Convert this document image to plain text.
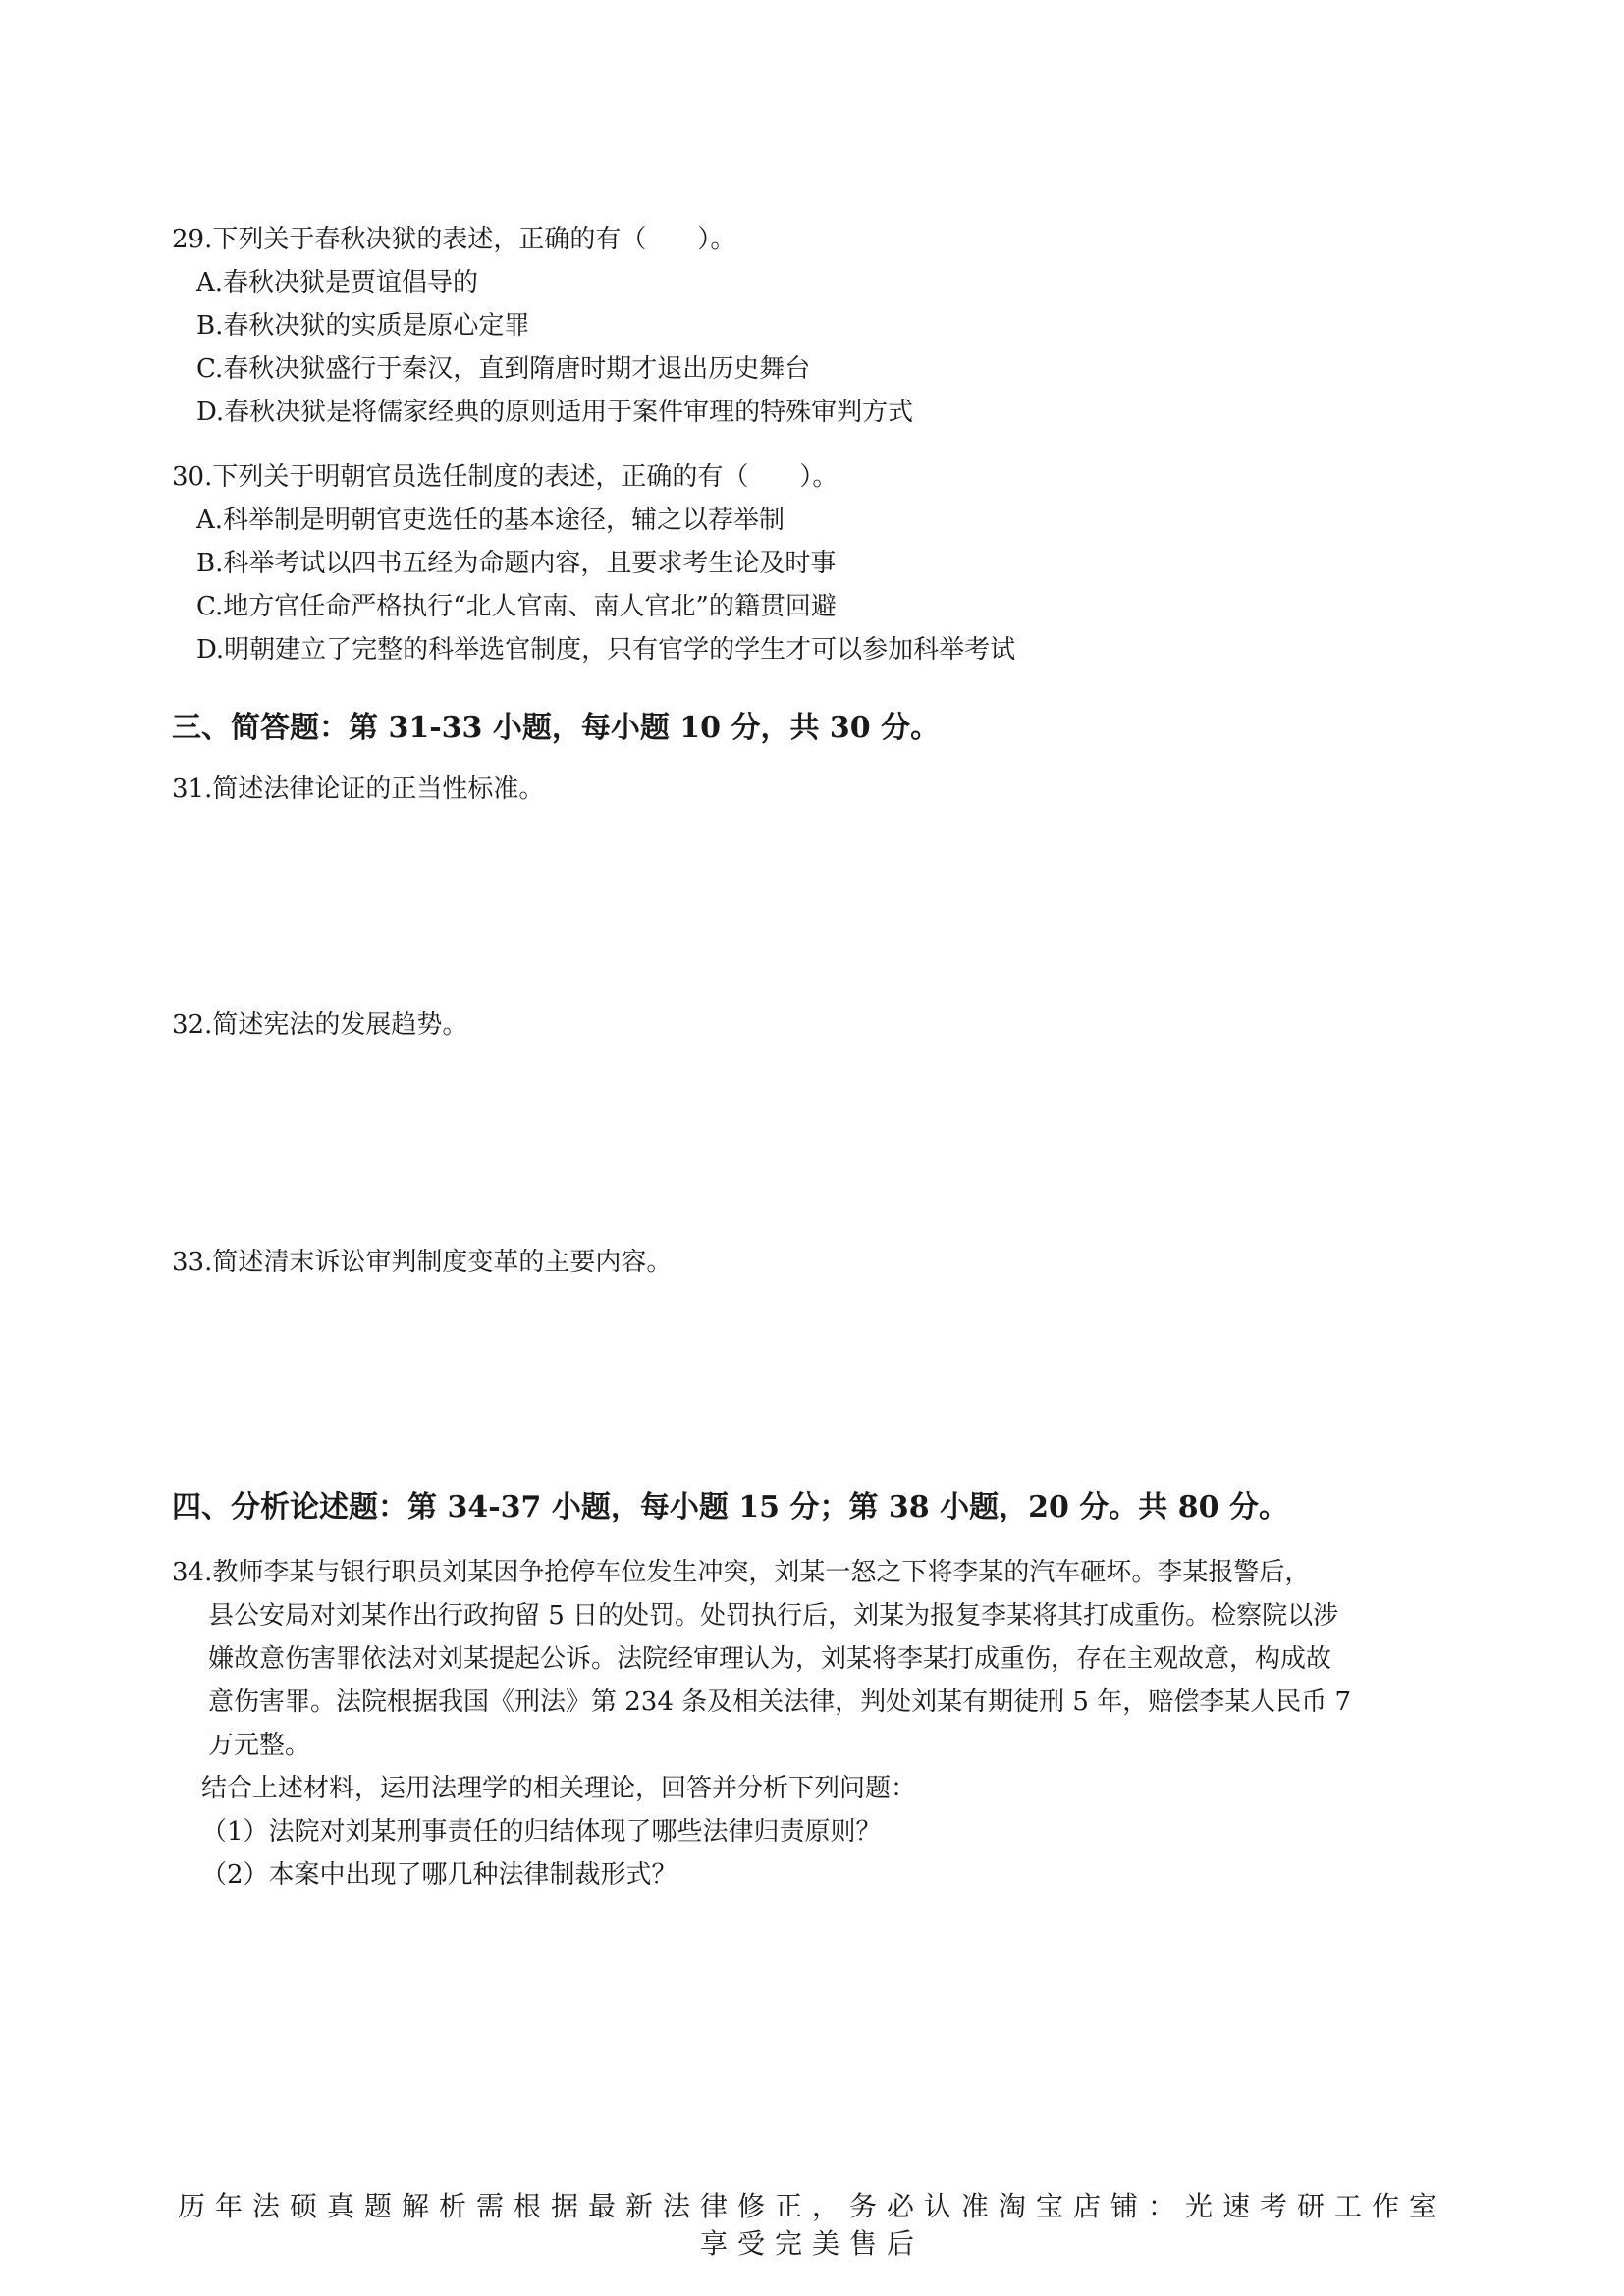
29.下列关于春秋决狱的表述，正确的有（　　）。
A.春秋决狱是贾谊倡导的
B.春秋决狱的实质是原心定罪
C.春秋决狱盛行于秦汉，直到隋唐时期才退出历史舞台
D.春秋决狱是将儒家经典的原则适用于案件审理的特殊审判方式
30.下列关于明朝官员选任制度的表述，正确的有（　　）。
A.科举制是明朝官吏选任的基本途径，辅之以荐举制
B.科举考试以四书五经为命题内容，且要求考生论及时事
C.地方官任命严格执行“北人官南、南人官北”的籍贯回避
D.明朝建立了完整的科举选官制度，只有官学的学生才可以参加科举考试
三、简答题：第 31-33 小题，每小题 10 分，共 30 分。
31.简述法律论证的正当性标准。
32.简述宪法的发展趋势。
33.简述清末诉讼审判制度变革的主要内容。
四、分析论述题：第 34-37 小题，每小题 15 分；第 38 小题，20 分。共 80 分。
34.教师李某与银行职员刘某因争抢停车位发生冲突，刘某一怒之下将李某的汽车砸坏。李某报警后，
县公安局对刘某作出行政拘留 5 日的处罚。处罚执行后，刘某为报复李某将其打成重伤。检察院以涉
嫌故意伤害罪依法对刘某提起公诉。法院经审理认为，刘某将李某打成重伤，存在主观故意，构成故
意伤害罪。法院根据我国《刑法》第 234 条及相关法律，判处刘某有期徒刑 5 年，赔偿李某人民币 7
万元整。
结合上述材料，运用法理学的相关理论，回答并分析下列问题：
（1）法院对刘某刑事责任的归结体现了哪些法律归责原则？
（2）本案中出现了哪几种法律制裁形式？
历年法硕真题解析需根据最新法律修正，务必认准淘宝店铺：光速考研工作室
享受完美售后
